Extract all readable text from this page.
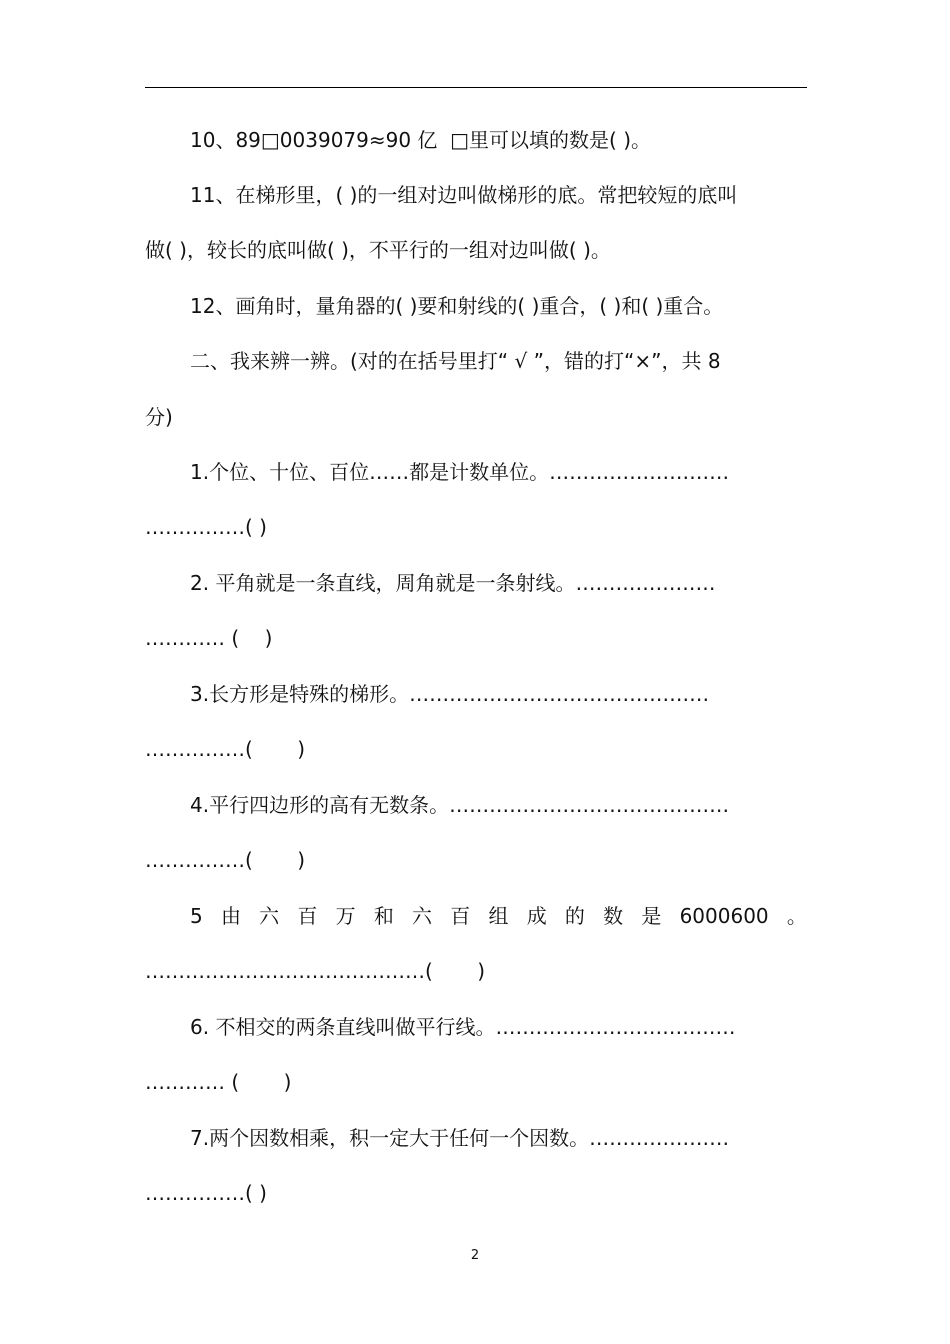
10、89□0039079≈90 亿  □里可以填的数是( )。
11、在梯形里，( )的一组对边叫做梯形的底。常把较短的底叫
做( )，较长的底叫做( )，不平行的一组对边叫做( )。
12、画角时，量角器的( )要和射线的( )重合，( )和( )重合。
二、我来辨一辨。(对的在括号里打“ √ ”，错的打“×”，共 8
分)
1.个位、十位、百位……都是计数单位。………………………
……………( )
2. 平角就是一条直线，周角就是一条射线。…………………
………… (    )
3.长方形是特殊的梯形。………………………………………
……………(       )
4.平行四边形的高有无数条。……………………………………
……………(       )
5 由 六 百 万 和 六 百 组 成 的 数 是 6000600 。
……………………………………(       )
6. 不相交的两条直线叫做平行线。………………………………
………… (       )
7.两个因数相乘，积一定大于任何一个因数。…………………
……………( )
2
